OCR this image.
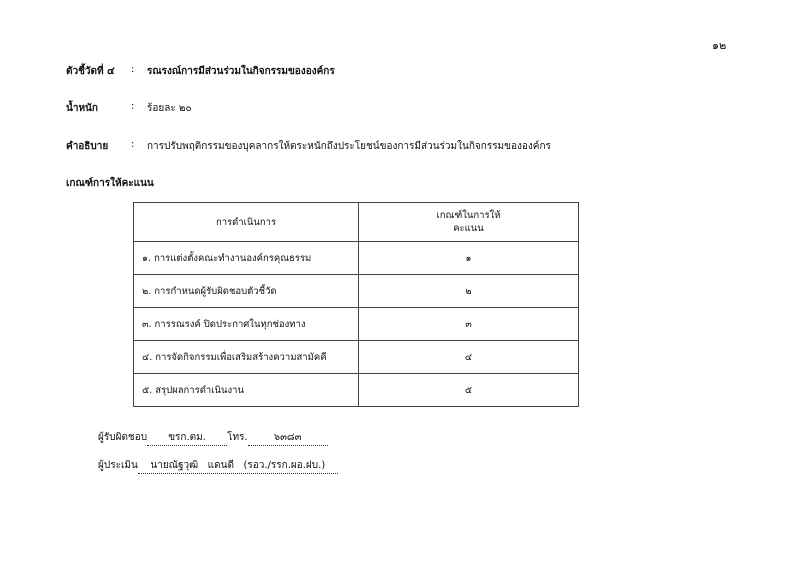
๑๒
ตัวชี้วัดที่ ๔ : รณรงณ์การมีส่วนร่วมในกิจกรรมขององค์กร
น้ำหนัก	: ร้อยละ ๒๐
คำอธิบาย : การปรับพฤติกรรมของบุคลากรให้ตระหนักถึงประโยชน์ของการมีส่วนร่วมในกิจกรรมขององค์กร
เกณฑ์การให้คะแนน
การดำเนินการ	เกณฑ์ในการให้
คะแนน
๑. การแต่งตั้งคณะทำงานองค์กรคุณธรรม	๑
๒. การกำหนดผู้รับผิดชอบตัวชี้วัด	๒
๓. การรณรงค์ ปิดประกาศในทุกช่องทาง	๓
๔. การจัดกิจกรรมเพื่อเสริมสร้างความสามัคคี	๔
๕. สรุปผลการดำเนินงาน	๕
ผู้รับผิดชอบ ขรก.ตม. โทร.	๖๓๘๓
ผู้ประเมิน นายณัฐวุฒิ   แดนดี   (รอว./รรก.ผอ.ฝบ.)
